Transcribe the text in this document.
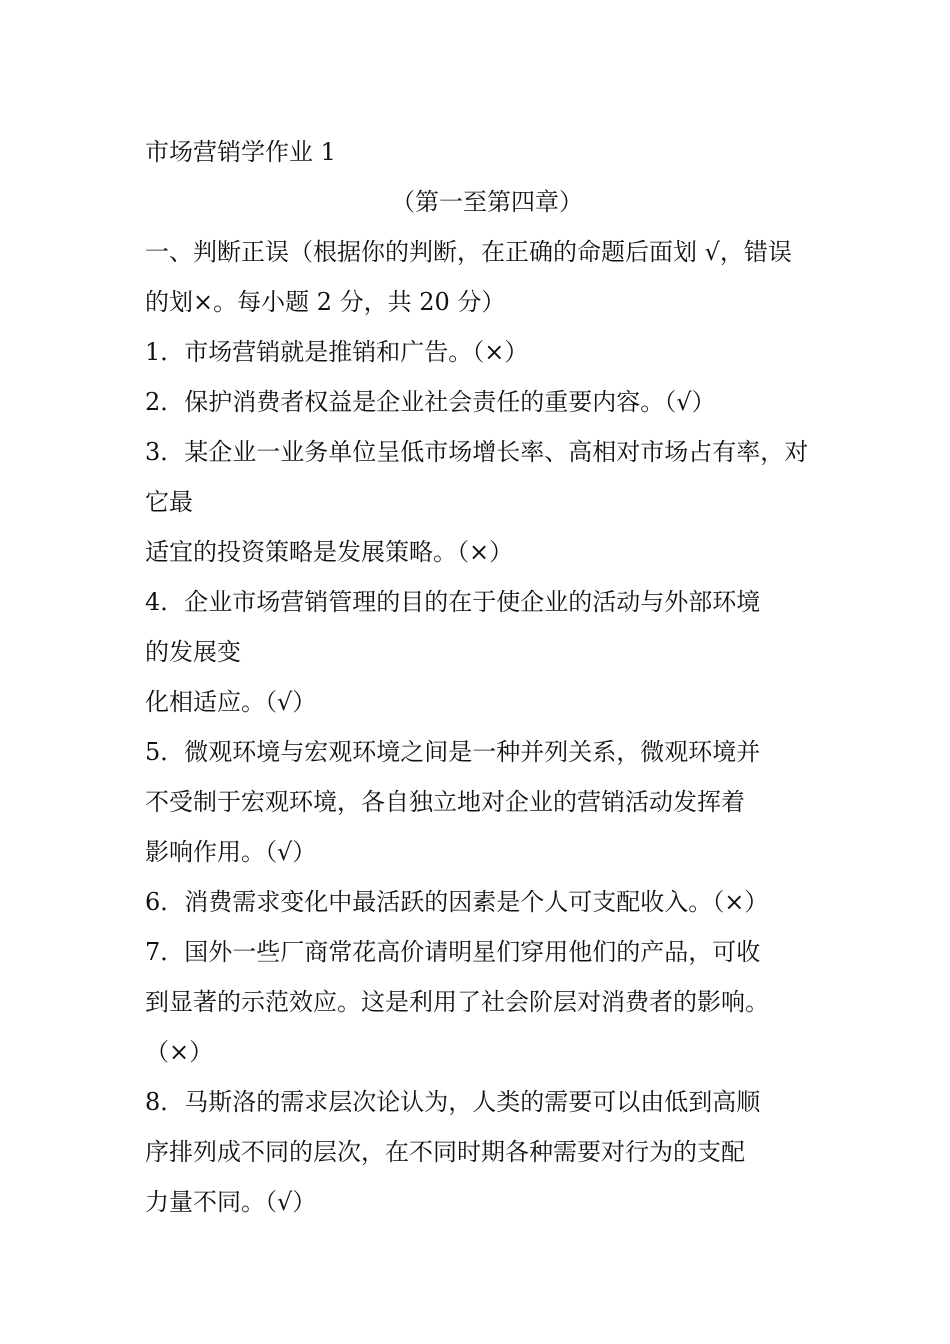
市场营销学作业 1
（第一至第四章）
一、判断正误（根据你的判断，在正确的命题后面划 √，错误
的划×。每小题 2 分，共 20 分）
1．市场营销就是推销和广告。（×）
2．保护消费者权益是企业社会责任的重要内容。（√）
3．某企业一业务单位呈低市场增长率、高相对市场占有率，对
它最
适宜的投资策略是发展策略。（×）
4．企业市场营销管理的目的在于使企业的活动与外部环境
的发展变
化相适应。（√）
5．微观环境与宏观环境之间是一种并列关系，微观环境并
不受制于宏观环境，各自独立地对企业的营销活动发挥着
影响作用。（√）
6．消费需求变化中最活跃的因素是个人可支配收入。（×）
7．国外一些厂商常花高价请明星们穿用他们的产品，可收
到显著的示范效应。这是利用了社会阶层对消费者的影响。
（×）
8．马斯洛的需求层次论认为，人类的需要可以由低到高顺
序排列成不同的层次，在不同时期各种需要对行为的支配
力量不同。（√）
